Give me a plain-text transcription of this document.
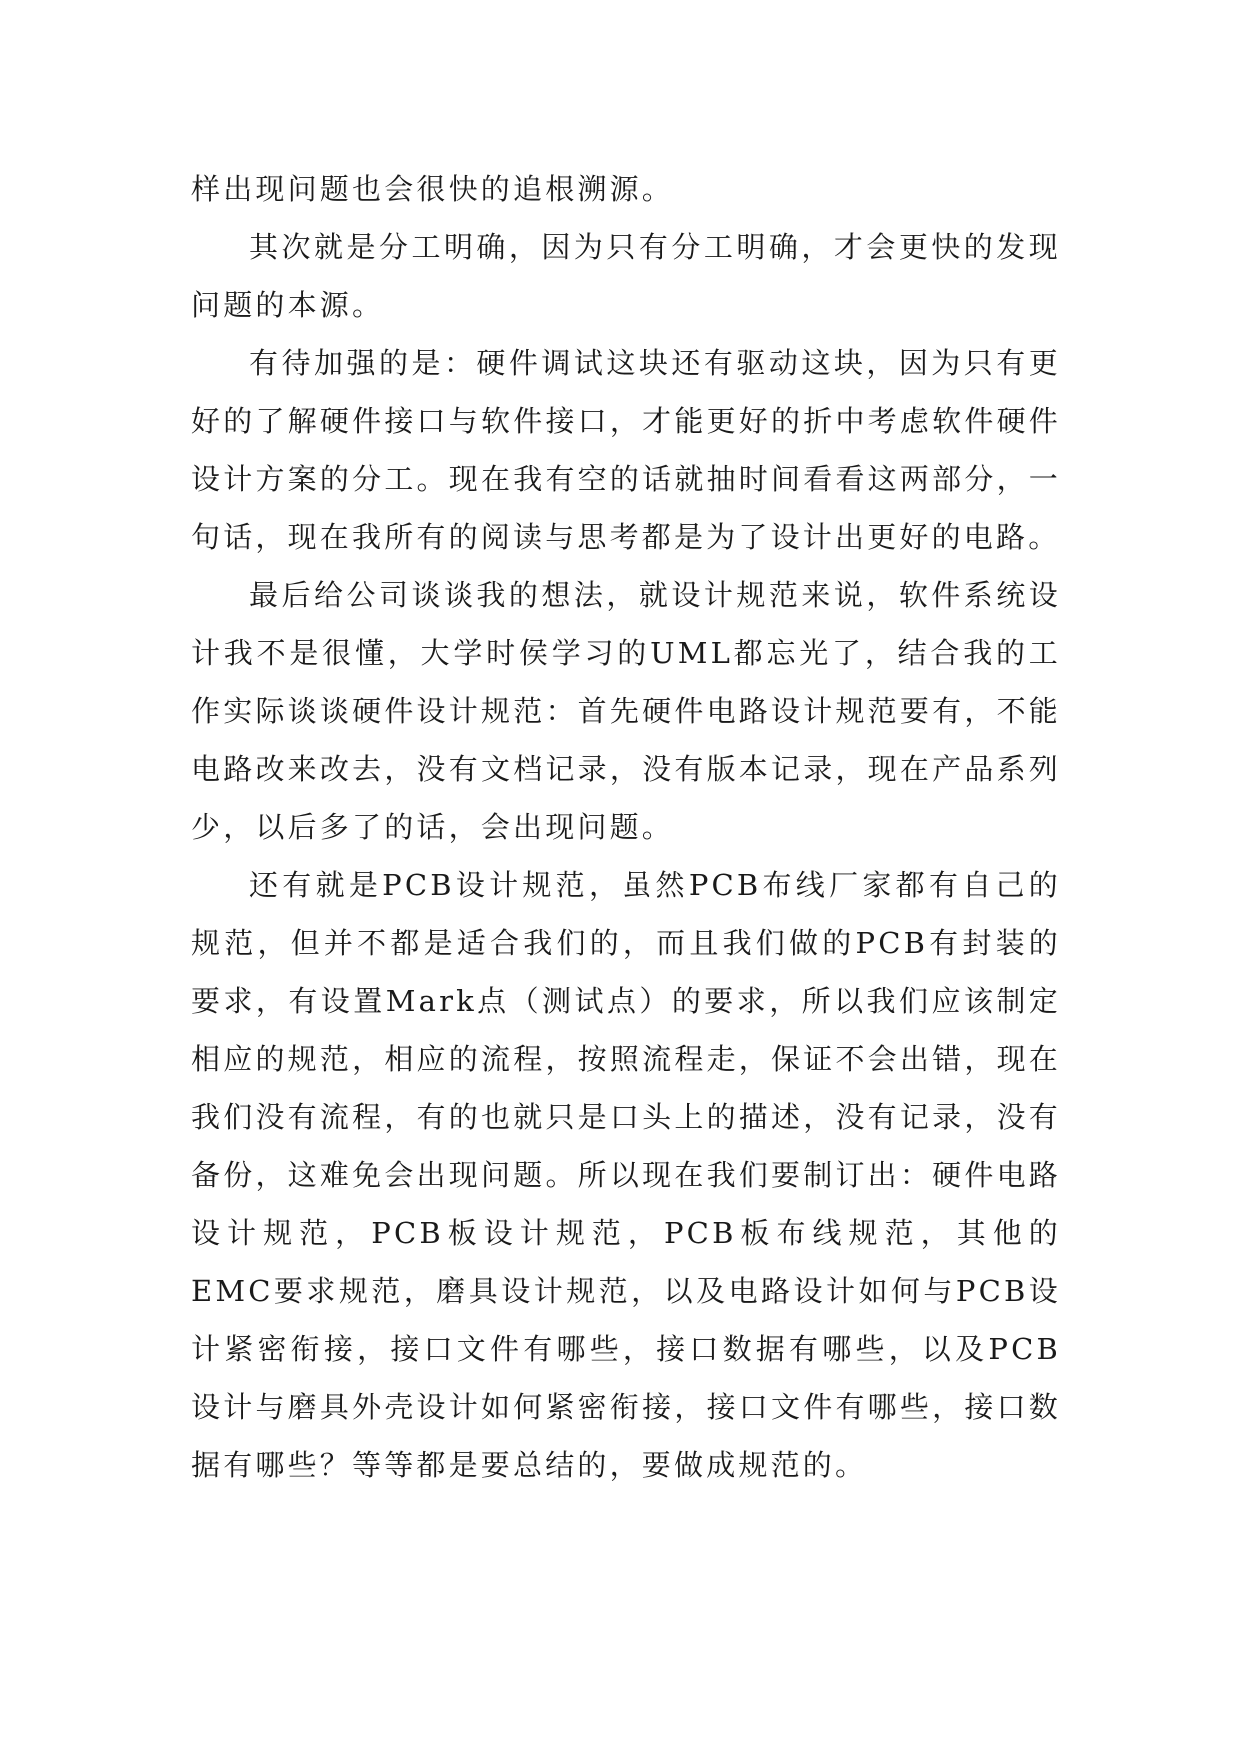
样出现问题也会很快的追根溯源。

其次就是分工明确，因为只有分工明确，才会更快的发现问题的本源。

有待加强的是：硬件调试这块还有驱动这块，因为只有更好的了解硬件接口与软件接口，才能更好的折中考虑软件硬件设计方案的分工。现在我有空的话就抽时间看看这两部分，一句话，现在我所有的阅读与思考都是为了设计出更好的电路。

最后给公司谈谈我的想法，就设计规范来说，软件系统设计我不是很懂，大学时侯学习的UML都忘光了，结合我的工作实际谈谈硬件设计规范：首先硬件电路设计规范要有，不能电路改来改去，没有文档记录，没有版本记录，现在产品系列少，以后多了的话，会出现问题。

还有就是PCB设计规范，虽然PCB布线厂家都有自己的规范，但并不都是适合我们的，而且我们做的PCB有封装的要求，有设置Mark点（测试点）的要求，所以我们应该制定相应的规范，相应的流程，按照流程走，保证不会出错，现在我们没有流程，有的也就只是口头上的描述，没有记录，没有备份，这难免会出现问题。所以现在我们要制订出：硬件电路设计规范，PCB板设计规范，PCB板布线规范，其他的EMC要求规范，磨具设计规范，以及电路设计如何与PCB设计紧密衔接，接口文件有哪些，接口数据有哪些，以及PCB设计与磨具外壳设计如何紧密衔接，接口文件有哪些，接口数据有哪些？等等都是要总结的，要做成规范的。
